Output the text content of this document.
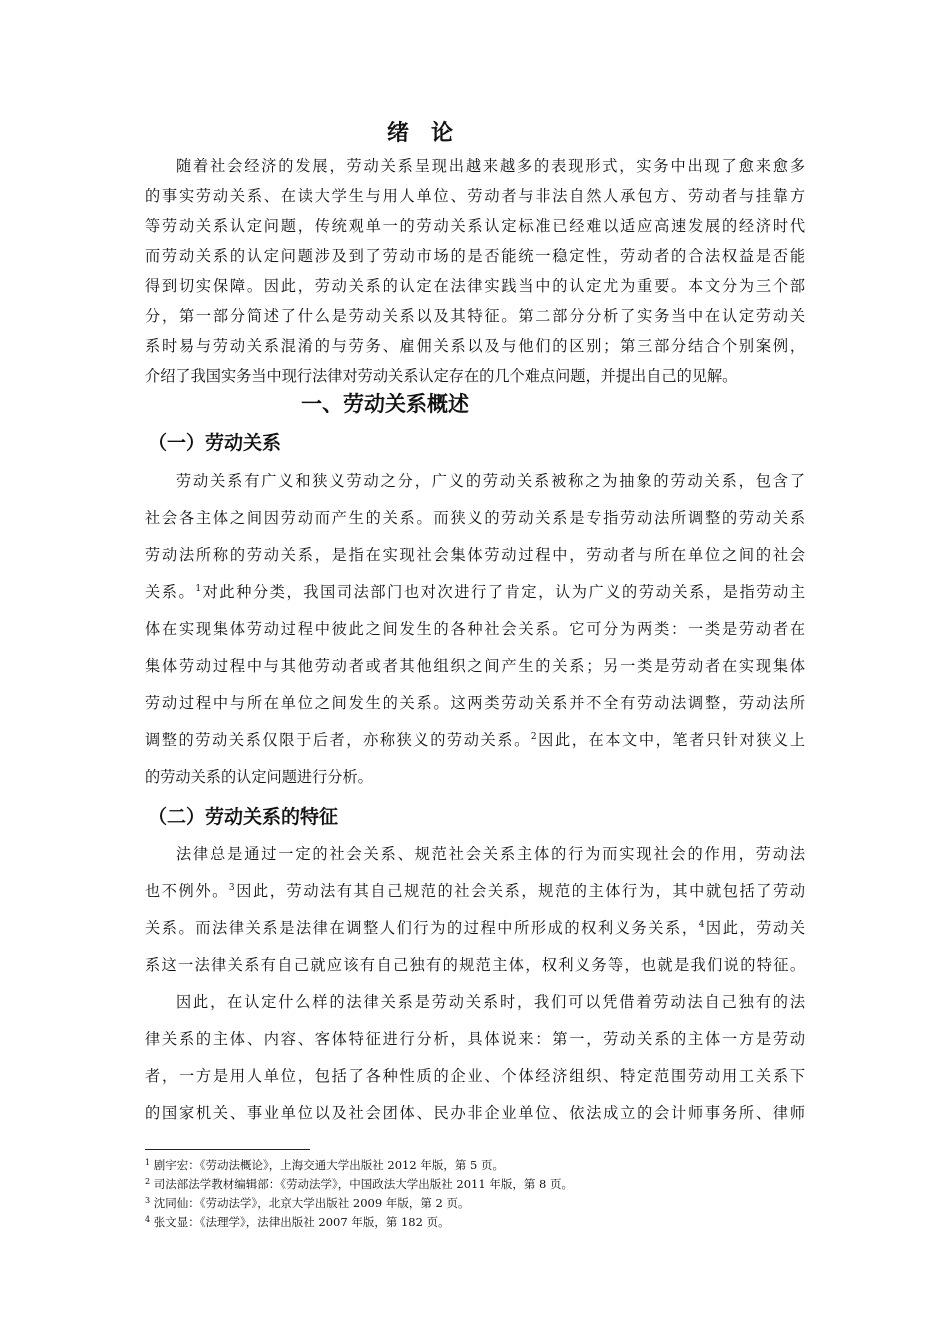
绪 论
随着社会经济的发展，劳动关系呈现出越来越多的表现形式，实务中出现了愈来愈多
的事实劳动关系、在读大学生与用人单位、劳动者与非法自然人承包方、劳动者与挂靠方
等劳动关系认定问题，传统观单一的劳动关系认定标准已经难以适应高速发展的经济时代
而劳动关系的认定问题涉及到了劳动市场的是否能统一稳定性，劳动者的合法权益是否能
得到切实保障。因此，劳动关系的认定在法律实践当中的认定尤为重要。本文分为三个部
分，第一部分简述了什么是劳动关系以及其特征。第二部分分析了实务当中在认定劳动关
系时易与劳动关系混淆的与劳务、雇佣关系以及与他们的区别；第三部分结合个别案例，
介绍了我国实务当中现行法律对劳动关系认定存在的几个难点问题，并提出自己的见解。
一、劳动关系概述
（一）劳动关系
劳动关系有广义和狭义劳动之分，广义的劳动关系被称之为抽象的劳动关系，包含了
社会各主体之间因劳动而产生的关系。而狭义的劳动关系是专指劳动法所调整的劳动关系
劳动法所称的劳动关系，是指在实现社会集体劳动过程中，劳动者与所在单位之间的社会
关系。$^1$对此种分类，我国司法部门也对次进行了肯定，认为广义的劳动关系，是指劳动主
体在实现集体劳动过程中彼此之间发生的各种社会关系。它可分为两类：一类是劳动者在
集体劳动过程中与其他劳动者或者其他组织之间产生的关系；另一类是劳动者在实现集体
劳动过程中与所在单位之间发生的关系。这两类劳动关系并不全有劳动法调整，劳动法所
调整的劳动关系仅限于后者，亦称狭义的劳动关系。$^2$因此，在本文中，笔者只针对狭义上
的劳动关系的认定问题进行分析。
（二）劳动关系的特征
法律总是通过一定的社会关系、规范社会关系主体的行为而实现社会的作用，劳动法
也不例外。$^3$因此，劳动法有其自己规范的社会关系，规范的主体行为，其中就包括了劳动
关系。而法律关系是法律在调整人们行为的过程中所形成的权利义务关系，$^4$因此，劳动关
系这一法律关系有自己就应该有自己独有的规范主体，权利义务等，也就是我们说的特征。
因此，在认定什么样的法律关系是劳动关系时，我们可以凭借着劳动法自己独有的法
律关系的主体、内容、客体特征进行分析，具体说来：第一，劳动关系的主体一方是劳动
者，一方是用人单位，包括了各种性质的企业、个体经济组织、特定范围劳动用工关系下
的国家机关、事业单位以及社会团体、民办非企业单位、依法成立的会计师事务所、律师
$^1$ 剧宇宏：《劳动法概论》，上海交通大学出版社 2012 年版，第 5 页。
$^2$ 司法部法学教材编辑部：《劳动法学》，中国政法大学出版社 2011 年版，第 8 页。
$^3$ 沈同仙：《劳动法学》，北京大学出版社 2009 年版，第 2 页。
$^4$ 张文显：《法理学》，法律出版社 2007 年版，第 182 页。
